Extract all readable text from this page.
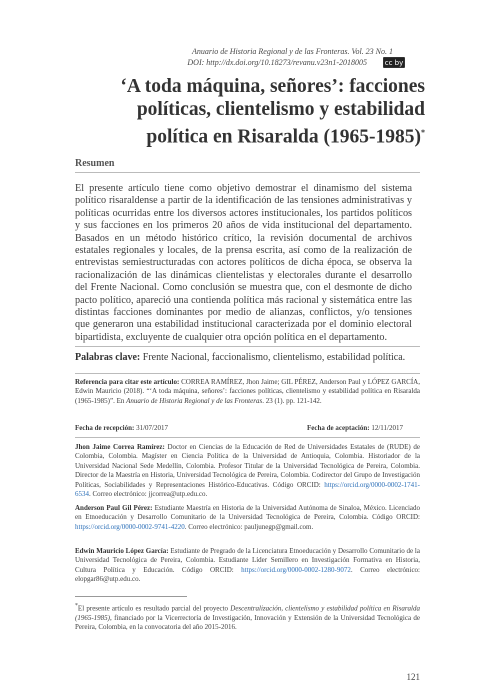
Anuario de Historia Regional y de las Fronteras. Vol. 23 No. 1
DOI: http://dx.doi.org/10.18273/revanu.v23n1-2018005	cc by
‘A toda máquina, señores’: facciones
políticas, clientelismo y estabilidad
política en Risaralda (1965-1985)*
Resumen
El presente artículo tiene como objetivo demostrar el dinamismo del sistema político risaraldense a partir de la identificación de las tensiones administrativas y políticas ocurridas entre los diversos actores institucionales, los partidos políticos y sus facciones en los primeros 20 años de vida institucional del departamento. Basados en un método histórico crítico, la revisión documental de archivos estatales regionales y locales, de la prensa escrita, así como de la realización de entrevistas semiestructuradas con actores políticos de dicha época, se observa la racionalización de las dinámicas clientelistas y electorales durante el desarrollo del Frente Nacional. Como conclusión se muestra que, con el desmonte de dicho pacto político, apareció una contienda política más racional y sistemática entre las distintas facciones dominantes por medio de alianzas, conflictos, y/o tensiones que generaron una estabilidad institucional caracterizada por el dominio electoral bipartidista, excluyente de cualquier otra opción política en el departamento.
Palabras clave: Frente Nacional, faccionalismo, clientelismo, estabilidad política.
Referencia para citar este artículo: CORREA RAMÍREZ, Jhon Jaime; GIL PÉREZ, Anderson Paul y LÓPEZ GARCÍA, Edwin Mauricio (2018). “‘A toda máquina, señores’: facciones políticas, clientelismo y estabilidad política en Risaralda (1965-1985)”. En Anuario de Historia Regional y de las Fronteras. 23 (1). pp. 121-142.
Fecha de recepción: 31/07/2017	Fecha de aceptación: 12/11/2017
Jhon Jaime Correa Ramírez: Doctor en Ciencias de la Educación de Red de Universidades Estatales de (RUDE) de Colombia, Colombia. Magíster en Ciencia Política de la Universidad de Antioquia, Colombia. Historiador de la Universidad Nacional Sede Medellín, Colombia. Profesor Titular de la Universidad Tecnológica de Pereira, Colombia. Director de la Maestría en Historia, Universidad Tecnológica de Pereira, Colombia. Codirector del Grupo de Investigación Políticas, Sociabilidades y Representaciones Histórico-Educativas. Código ORCID: https://orcid.org/0000-0002-1741-6534. Correo electrónico: jjcorrea@utp.edu.co.
Anderson Paul Gil Pérez: Estudiante Maestría en Historia de la Universidad Autónoma de Sinaloa, México. Licenciado en Etnoeducación y Desarrollo Comunitario de la Universidad Tecnológica de Pereira, Colombia. Código ORCID: https://orcid.org/0000-0002-9741-4220. Correo electrónico: pauljunegp@gmail.com.
Edwin Mauricio López García: Estudiante de Pregrado de la Licenciatura Etnoeducación y Desarrollo Comunitario de la Universidad Tecnológica de Pereira, Colombia. Estudiante Líder Semillero en Investigación Formativa en Historia, Cultura Política y Educación. Código ORCID: https://orcid.org/0000-0002-1280-9072. Correo electrónico: elopgar86@utp.edu.co.
*El presente artículo es resultado parcial del proyecto Descentralización, clientelismo y estabilidad política en Risaralda (1965-1985), financiado por la Vicerrectoría de Investigación, Innovación y Extensión de la Universidad Tecnológica de Pereira, Colombia, en la convocatoria del año 2015-2016.
121
